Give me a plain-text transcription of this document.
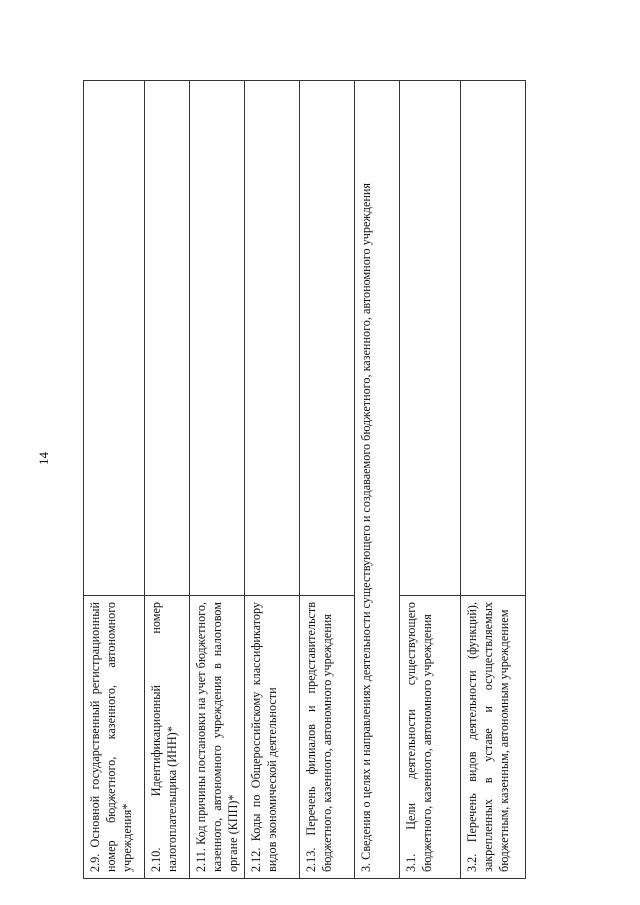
14
2.9. Основной государственный регистрационный номер бюджетного, казенного, автономного учреждения*	
2.10. Идентификационный номер налогоплательщика (ИНН)*	
2.11. Код причины постановки на учет бюджетного, казенного, автономного учреждения в налоговом органе (КПП)*	
2.12. Коды по Общероссийскому классификатору видов экономической деятельности	
2.13. Перечень филиалов и представительств бюджетного, казенного, автономного учреждения	
3. Сведения о целях и направлениях деятельности существующего и создаваемого бюджетного, казенного, автономного учреждения	
3.1. Цели деятельности существующего бюджетного, казенного, автономного учреждения	
3.2. Перечень видов деятельности (функций), закрепленных в уставе и осуществляемых бюджетным, казенным, автономным учреждением	
